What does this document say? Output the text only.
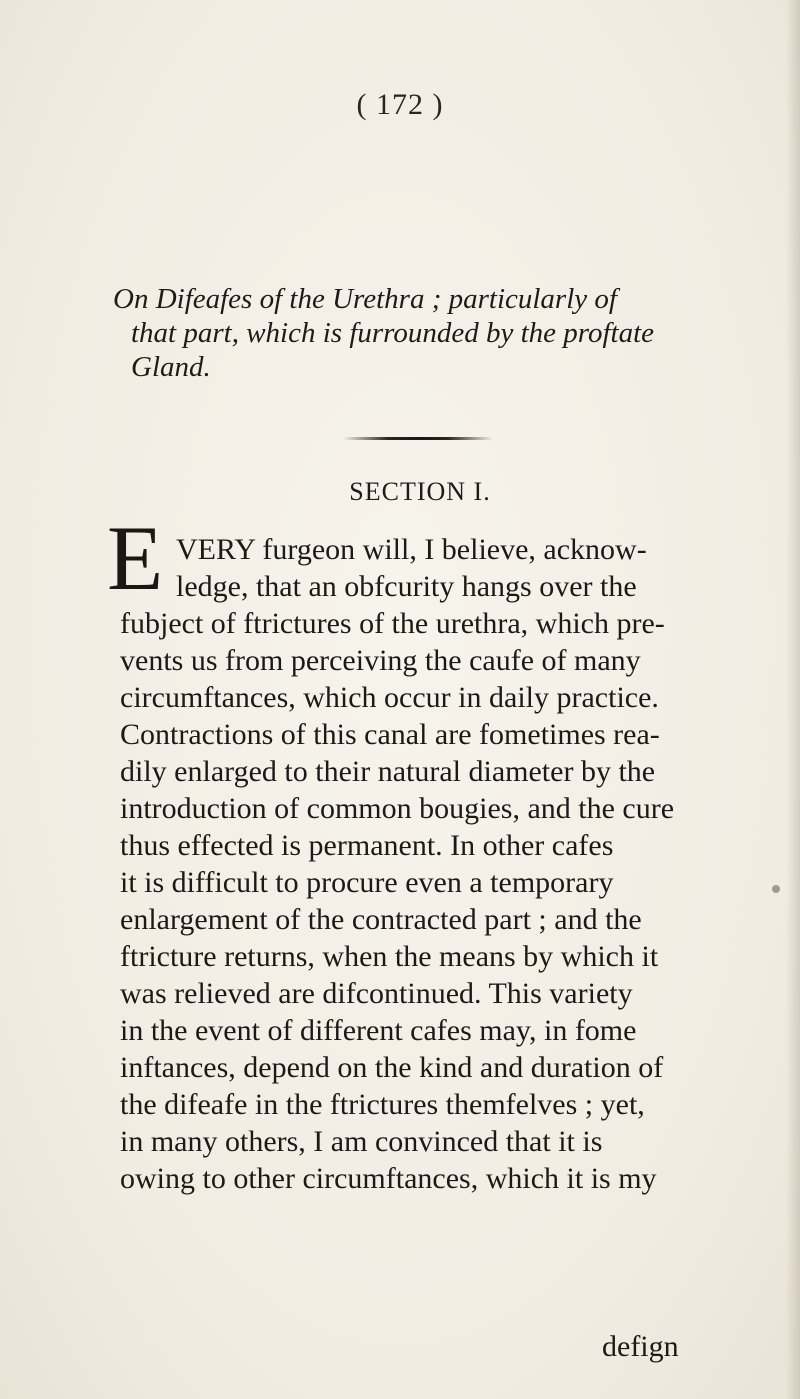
( 172 )
On Difeafes of the Urethra ; particularly of
that part, which is furrounded by the proftate
Gland.
SECTION I.
E VERY furgeon will, I believe, acknow-
ledge, that an obfcurity hangs over the
fubject of ftrictures of the urethra, which pre-
vents us from perceiving the caufe of many
circumftances, which occur in daily practice.
Contractions of this canal are fometimes rea-
dily enlarged to their natural diameter by the
introduction of common bougies, and the cure
thus effected is permanent. In other cafes
it is difficult to procure even a temporary
enlargement of the contracted part ; and the
ftricture returns, when the means by which it
was relieved are difcontinued. This variety
in the event of different cafes may, in fome
inftances, depend on the kind and duration of
the difeafe in the ftrictures themfelves ; yet,
in many others, I am convinced that it is
owing to other circumftances, which it is my
defign
